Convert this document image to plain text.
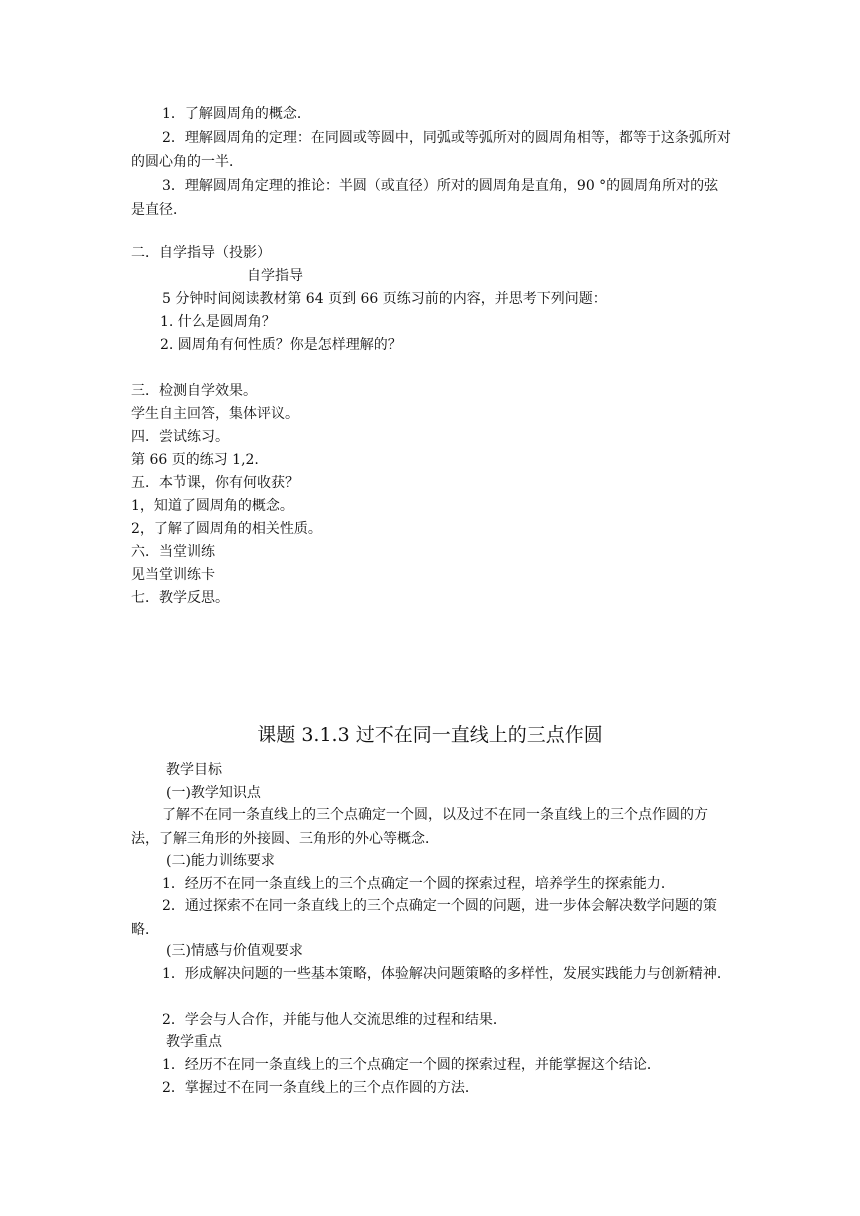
1．了解圆周角的概念．
2．理解圆周角的定理：在同圆或等圆中，同弧或等弧所对的圆周角相等，都等于这条弧所对的圆心角的一半．
3．理解圆周角定理的推论：半圆（或直径）所对的圆周角是直角，90 °的圆周角所对的弦是直径．
二．自学指导（投影）
自学指导
5 分钟时间阅读教材第 64 页到 66 页练习前的内容，并思考下列问题：
1. 什么是圆周角？
2. 圆周角有何性质？你是怎样理解的？
三．检测自学效果。
学生自主回答，集体评议。
四．尝试练习。
第 66 页的练习 1,2.
五．本节课，你有何收获？
1，知道了圆周角的概念。
2，了解了圆周角的相关性质。
六．当堂训练
见当堂训练卡
七．教学反思。
课题 3.1.3 过不在同一直线上的三点作圆
教学目标
(一)教学知识点
了解不在同一条直线上的三个点确定一个圆，以及过不在同一条直线上的三个点作圆的方法，了解三角形的外接圆、三角形的外心等概念．
(二)能力训练要求
1．经历不在同一条直线上的三个点确定一个圆的探索过程，培养学生的探索能力．
2．通过探索不在同一条直线上的三个点确定一个圆的问题，进一步体会解决数学问题的策略．
(三)情感与价值观要求
1．形成解决问题的一些基本策略，体验解决问题策略的多样性，发展实践能力与创新精神．
2．学会与人合作，并能与他人交流思维的过程和结果．
教学重点
1．经历不在同一条直线上的三个点确定一个圆的探索过程，并能掌握这个结论．
2．掌握过不在同一条直线上的三个点作圆的方法．
